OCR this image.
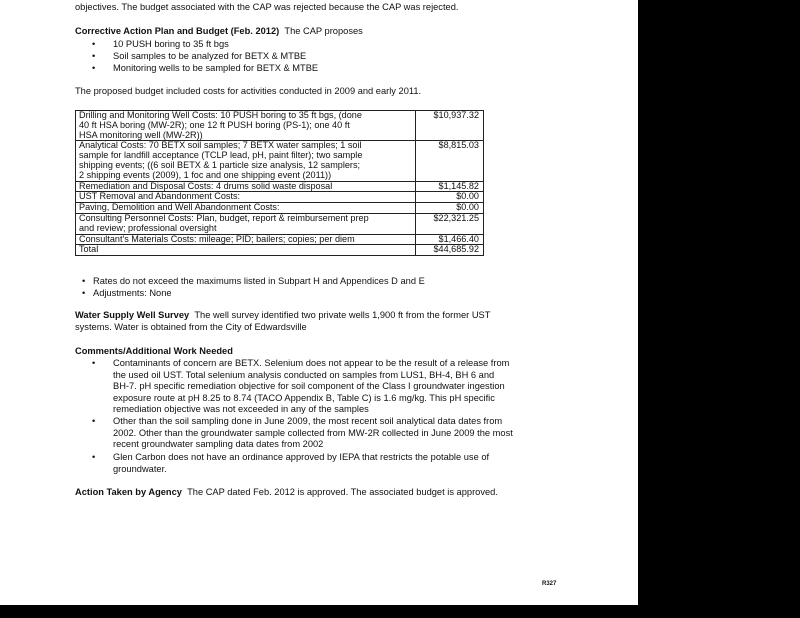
objectives. The budget associated with the CAP was rejected because the CAP was rejected.
Corrective Action Plan and Budget (Feb. 2012) The CAP proposes
• 10 PUSH boring to 35 ft bgs
• Soil samples to be analyzed for BETX & MTBE
• Monitoring wells to be sampled for BETX & MTBE
The proposed budget included costs for activities conducted in 2009 and early 2011.
Drilling and Monitoring Well Costs: 10 PUSH boring to 35 ft bgs, (done
40 ft HSA boring (MW-2R); one 12 ft PUSH boring (PS-1); one 40 ft
HSA monitoring well (MW-2R))	$10,937.32

Analytical Costs: 70 BETX soil samples; 7 BETX water samples; 1 soil
sample for landfill acceptance (TCLP lead, pH, paint filter); two sample
shipping events; ((6 soil BETX & 1 particle size analysis, 12 samplers;
2 shipping events (2009), 1 foc and one shipping event (2011))	$8,815.03

Remediation and Disposal Costs: 4 drums solid waste disposal	$1,145.82

UST Removal and Abandonment Costs:	$0.00

Paving, Demolition and Well Abandonment Costs:	$0.00

Consulting Personnel Costs: Plan, budget, report & reimbursement prep
and review; professional oversight	$22,321.25

Consultant's Materials Costs: mileage; PID; bailers; copies; per diem	$1,466.40

Total	$44,685.92
• Rates do not exceed the maximums listed in Subpart H and Appendices D and E
• Adjustments: None
Water Supply Well Survey The well survey identified two private wells 1,900 ft from the former UST
systems. Water is obtained from the City of Edwardsville
Comments/Additional Work Needed
• Contaminants of concern are BETX. Selenium does not appear to be the result of a release from
the used oil UST. Total selenium analysis conducted on samples from LUS1, BH-4, BH 6 and
BH-7. pH specific remediation objective for soil component of the Class I groundwater ingestion
exposure route at pH 8.25 to 8.74 (TACO Appendix B, Table C) is 1.6 mg/kg. This pH specific
remediation objective was not exceeded in any of the samples
• Other than the soil sampling done in June 2009, the most recent soil analytical data dates from
2002. Other than the groundwater sample collected from MW-2R collected in June 2009 the most
recent groundwater sampling data dates from 2002
• Glen Carbon does not have an ordinance approved by IEPA that restricts the potable use of
groundwater.
Action Taken by Agency The CAP dated Feb. 2012 is approved. The associated budget is approved.
R327
